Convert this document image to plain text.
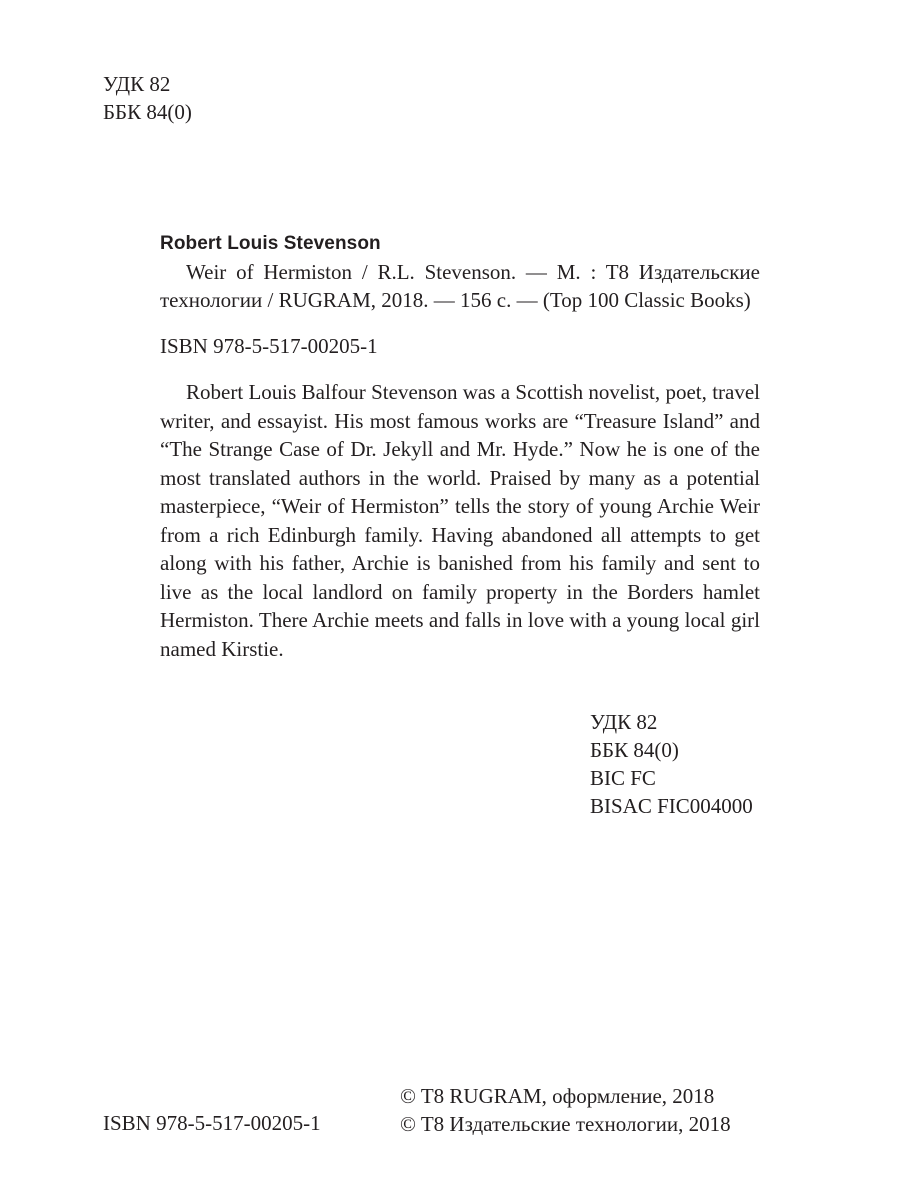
УДК 82
ББК 84(0)
Robert Louis Stevenson
Weir of Hermiston / R.L. Stevenson. — M. : T8 Издательские технологии / RUGRAM, 2018. — 156 с. — (Top 100 Classic Books)
ISBN 978-5-517-00205-1
Robert Louis Balfour Stevenson was a Scottish novelist, poet, travel writer, and essayist. His most famous works are “Treasure Island” and “The Strange Case of Dr. Jekyll and Mr. Hyde.” Now he is one of the most translated authors in the world. Praised by many as a potential masterpiece, “Weir of Hermiston” tells the story of young Archie Weir from a rich Edinburgh family. Having abandoned all attempts to get along with his father, Archie is banished from his family and sent to live as the local landlord on family property in the Borders hamlet Hermiston. There Archie meets and falls in love with a young local girl named Kirstie.
УДК 82
ББК 84(0)
BIC FC
BISAC FIC004000
ISBN 978-5-517-00205-1
© T8 RUGRAM, оформление, 2018
© T8 Издательские технологии, 2018
